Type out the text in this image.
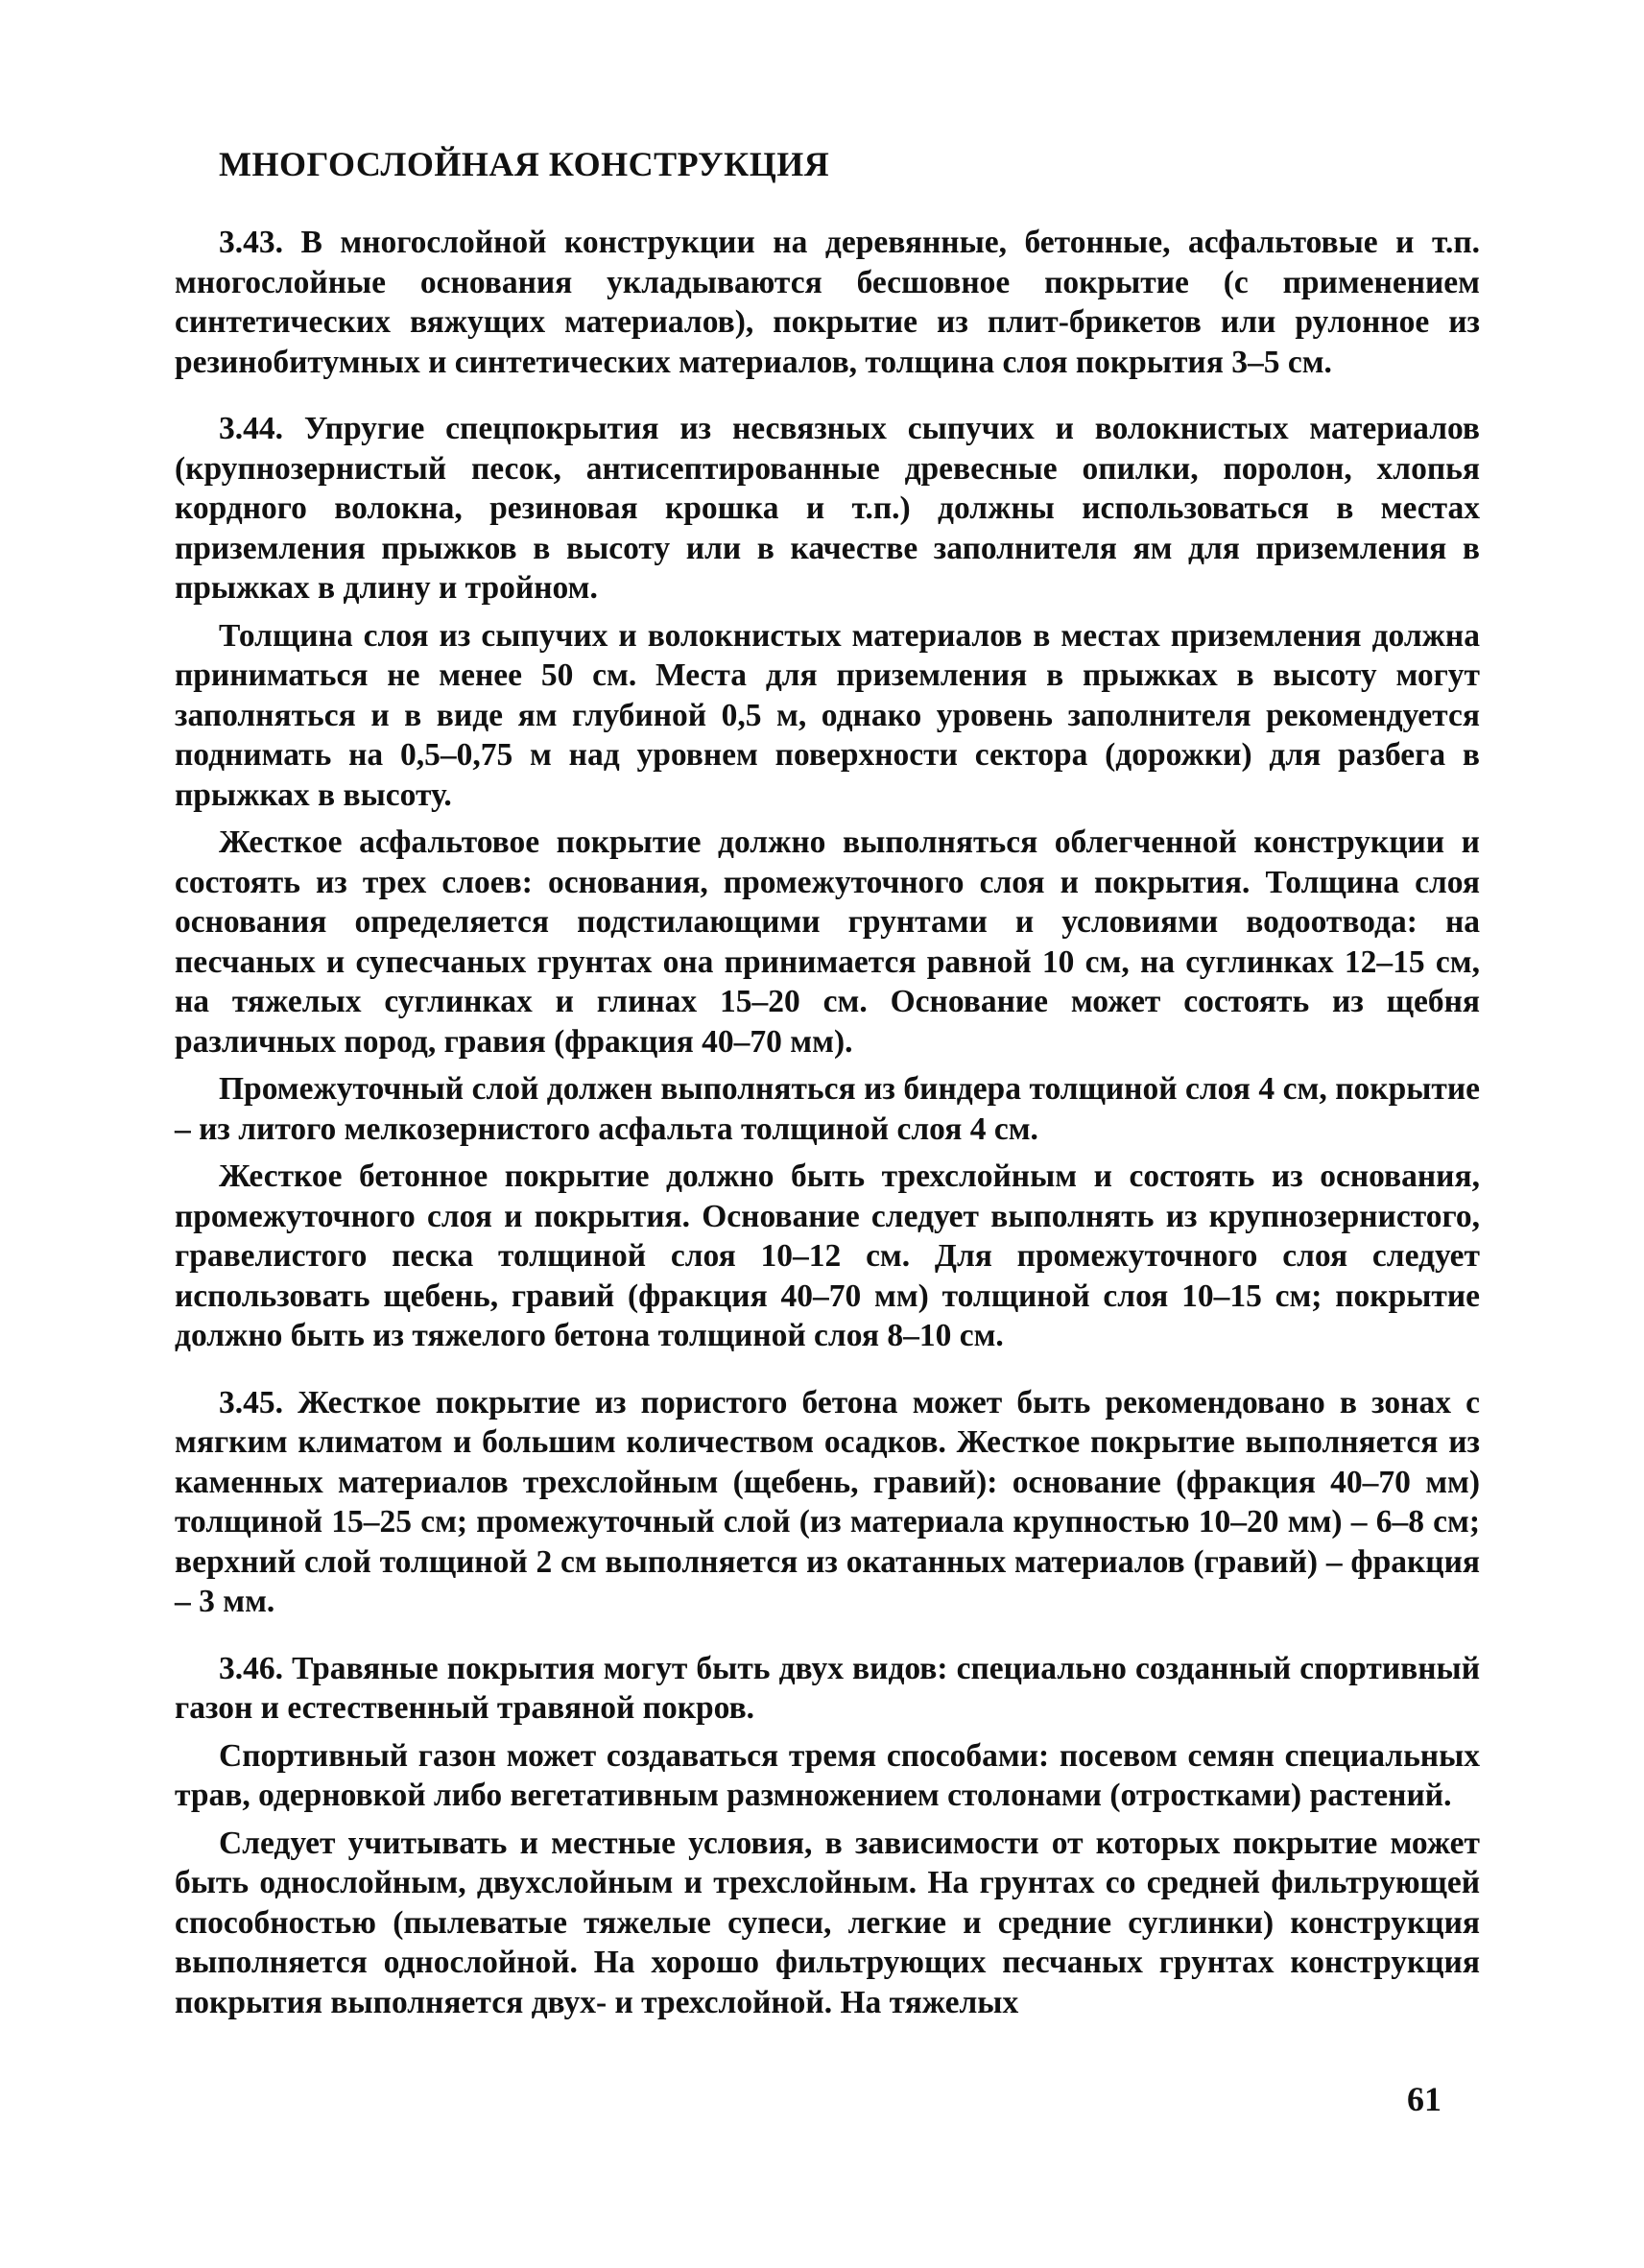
МНОГОСЛОЙНАЯ КОНСТРУКЦИЯ

3.43. В многослойной конструкции на деревянные, бетонные, асфальтовые и т.п. многослойные основания укладываются бесшовное покрытие (с применением синтетических вяжущих материалов), покрытие из плит-брикетов или рулонное из резинобитумных и синтетических материалов, толщина слоя покрытия 3–5 см.

3.44. Упругие спецпокрытия из несвязных сыпучих и волокнистых материалов (крупнозернистый песок, антисептированные древесные опилки, поролон, хлопья кордного волокна, резиновая крошка и т.п.) должны использоваться в местах приземления прыжков в высоту или в качестве заполнителя ям для приземления в прыжках в длину и тройном.

Толщина слоя из сыпучих и волокнистых материалов в местах приземления должна приниматься не менее 50 см. Места для приземления в прыжках в высоту могут заполняться и в виде ям глубиной 0,5 м, однако уровень заполнителя рекомендуется поднимать на 0,5–0,75 м над уровнем поверхности сектора (дорожки) для разбега в прыжках в высоту.

Жесткое асфальтовое покрытие должно выполняться облегченной конструкции и состоять из трех слоев: основания, промежуточного слоя и покрытия. Толщина слоя основания определяется подстилающими грунтами и условиями водоотвода: на песчаных и супесчаных грунтах она принимается равной 10 см, на суглинках 12–15 см, на тяжелых суглинках и глинах 15–20 см. Основание может состоять из щебня различных пород, гравия (фракция 40–70 мм).

Промежуточный слой должен выполняться из биндера толщиной слоя 4 см, покрытие – из литого мелкозернистого асфальта толщиной слоя 4 см.

Жесткое бетонное покрытие должно быть трехслойным и состоять из основания, промежуточного слоя и покрытия. Основание следует выполнять из крупнозернистого, гравелистого песка толщиной слоя 10–12 см. Для промежуточного слоя следует использовать щебень, гравий (фракция 40–70 мм) толщиной слоя 10–15 см; покрытие должно быть из тяжелого бетона толщиной слоя 8–10 см.

3.45. Жесткое покрытие из пористого бетона может быть рекомендовано в зонах с мягким климатом и большим количеством осадков. Жесткое покрытие выполняется из каменных материалов трехслойным (щебень, гравий): основание (фракция 40–70 мм) толщиной 15–25 см; промежуточный слой (из материала крупностью 10–20 мм) – 6–8 см; верхний слой толщиной 2 см выполняется из окатанных материалов (гравий) – фракция – 3 мм.

3.46. Травяные покрытия могут быть двух видов: специально созданный спортивный газон и естественный травяной покров.

Спортивный газон может создаваться тремя способами: посевом семян специальных трав, одерновкой либо вегетативным размножением столонами (отростками) растений.

Следует учитывать и местные условия, в зависимости от которых покрытие может быть однослойным, двухслойным и трехслойным. На грунтах со средней фильтрующей способностью (пылеватые тяжелые супеси, легкие и средние суглинки) конструкция выполняется однослойной. На хорошо фильтрующих песчаных грунтах конструкция покрытия выполняется двух- и трехслойной. На тяжелых

61
